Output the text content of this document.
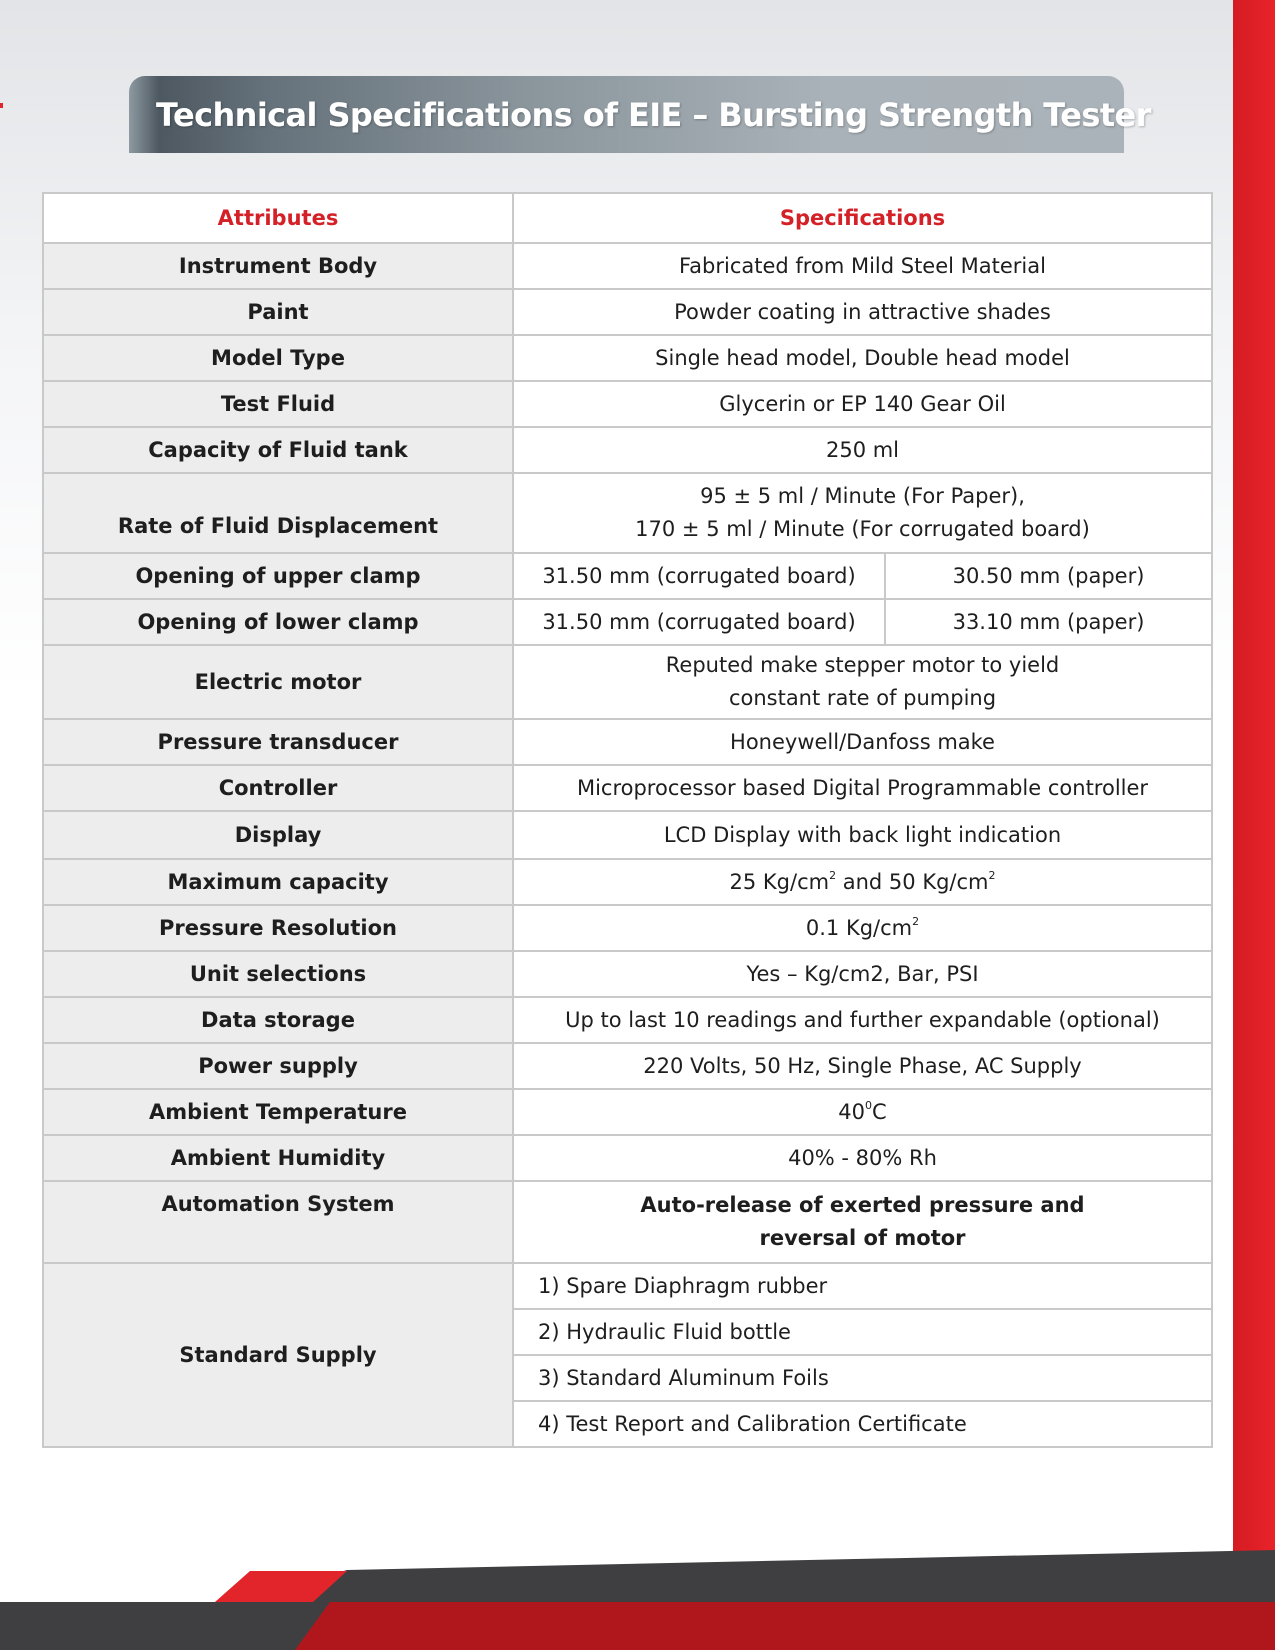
Technical Specifications of EIE – Bursting Strength Tester
Attributes	Specifications	
Instrument Body	Fabricated from Mild Steel Material	
Paint	Powder coating in attractive shades	
Model Type	Single head model, Double head model	
Test Fluid	Glycerin or EP 140 Gear Oil	
Capacity of Fluid tank	250 ml	
Rate of Fluid Displacement	95 ± 5 ml / Minute (For Paper),
170 ± 5 ml / Minute (For corrugated board)	

Opening of upper clamp	31.50 mm (corrugated board)	30.50 mm (paper)
Opening of lower clamp	31.50 mm (corrugated board)	33.10 mm (paper)
Electric motor	Reputed make stepper motor to yield
constant rate of pumping	

Pressure transducer	Honeywell/Danfoss make	
Controller	Microprocessor based Digital Programmable controller	
Display	LCD Display with back light indication	
Maximum capacity	25 $Kg/cm^2$ and 50 $Kg/cm^2$
Pressure Resolution	0.1 $Kg/cm^2$
Unit selections	Yes – Kg/cm2, Bar, PSI	
Data storage	Up to last 10 readings and further expandable (optional)	
Power supply	220 Volts, 50 Hz, Single Phase, AC Supply	
Ambient Temperature	$40^0C$	
Ambient Humidity	40% - 80% Rh	
Automation System	Auto-release of exerted pressure and
reversal of motor	

Standard Supply	1) Spare Diaphragm rubber	
	2) Hydraulic Fluid bottle	
	3) Standard Aluminum Foils	
	4) Test Report and Calibration Certificate	
